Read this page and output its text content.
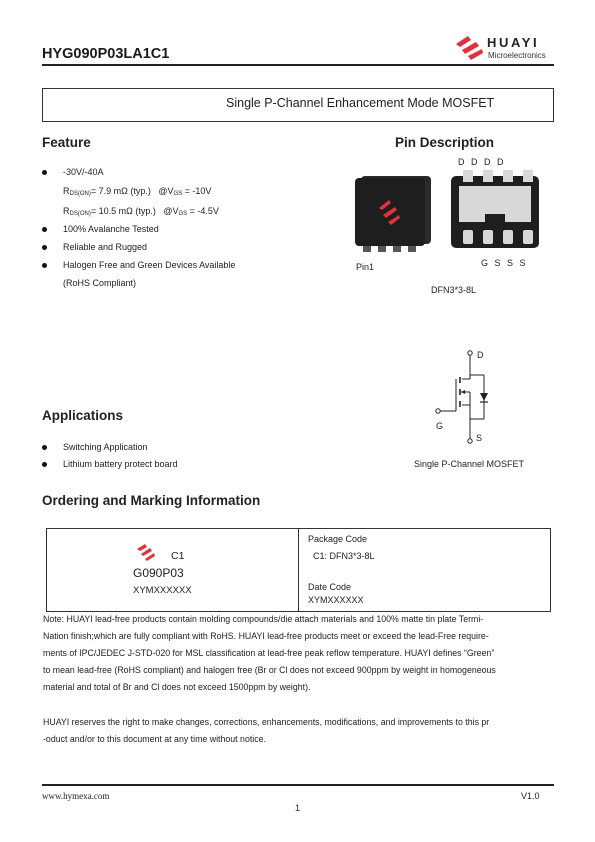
HYG090P03LA1C1
HUAYI
Microelectronics
Single P-Channel Enhancement Mode MOSFET
Feature
-30V/-40A
RDS(ON)= 7.9 mΩ (typ.) @VGS = -10V
RDS(ON)= 10.5 mΩ (typ.) @VGS = -4.5V
100% Avalanche Tested
Reliable and Rugged
Halogen Free and Green Devices Available
(RoHS Compliant)
Pin Description
D D D D
Pin1	G S S S
DFN3*3-8L
D
G
S
Single P-Channel MOSFET
Applications
Switching Application
Lithium battery protect board
Ordering and Marking Information
C1
G090P03
XYMXXXXXX
Package Code
C1: DFN3*3-8L
Date Code
XYMXXXXXX
Note: HUAYI lead-free products contain molding compounds/die attach materials and 100% matte tin plate Termi-
Nation finish;which are fully compliant with RoHS. HUAYI lead-free products meet or exceed the lead-Free require-
ments of IPC/JEDEC J-STD-020 for MSL classification at lead-free peak reflow temperature. HUAYI defines “Green”
to mean lead-free (RoHS compliant) and halogen free (Br or Cl does not exceed 900ppm by weight in homogeneous
material and total of Br and Cl does not exceed 1500ppm by weight).
HUAYI reserves the right to make changes, corrections, enhancements, modifications, and improvements to this pr
-oduct and/or to this document at any time without notice.
www.hymexa.com	V1.0
1
